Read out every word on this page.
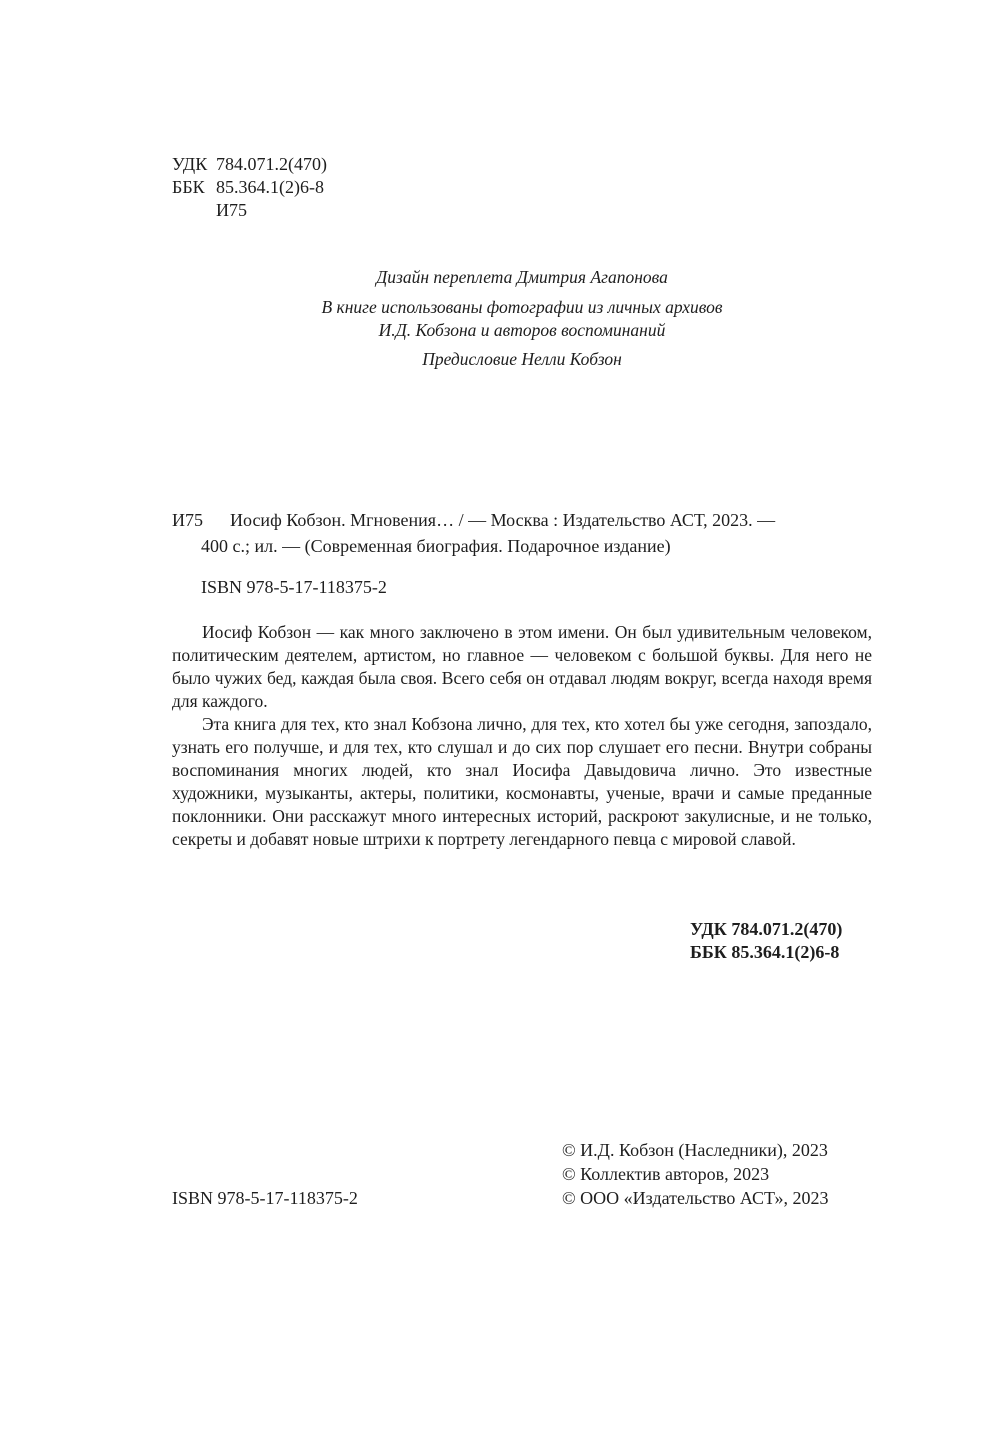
УДК 784.071.2(470)
ББК 85.364.1(2)6-8
И75
Дизайн переплета Дмитрия Агапонова
В книге использованы фотографии из личных архивов
И.Д. Кобзона и авторов воспоминаний
Предисловие Нелли Кобзон
И75 Иосиф Кобзон. Мгновения… / — Москва : Издательство АСТ, 2023. —
400 с.; ил. — (Современная биография. Подарочное издание)
ISBN 978-5-17-118375-2

Иосиф Кобзон — как много заключено в этом имени. Он был удивительным человеком, политическим деятелем, артистом, но главное — человеком с большой буквы. Для него не было чужих бед, каждая была своя. Всего себя он отдавал людям вокруг, всегда находя время для каждого.

Эта книга для тех, кто знал Кобзона лично, для тех, кто хотел бы уже сегодня, запоздало, узнать его получше, и для тех, кто слушал и до сих пор слушает его песни. Внутри собраны воспоминания многих людей, кто знал Иосифа Давыдовича лично. Это известные художники, музыканты, актеры, политики, космонавты, ученые, врачи и самые преданные поклонники. Они расскажут много интересных историй, раскроют закулисные, и не только, секреты и добавят новые штрихи к портрету легендарного певца с мировой славой.

УДК 784.071.2(470)
ББК 85.364.1(2)6-8
ISBN 978-5-17-118375-2
© И.Д. Кобзон (Наследники), 2023
© Коллектив авторов, 2023
© ООО «Издательство АСТ», 2023
